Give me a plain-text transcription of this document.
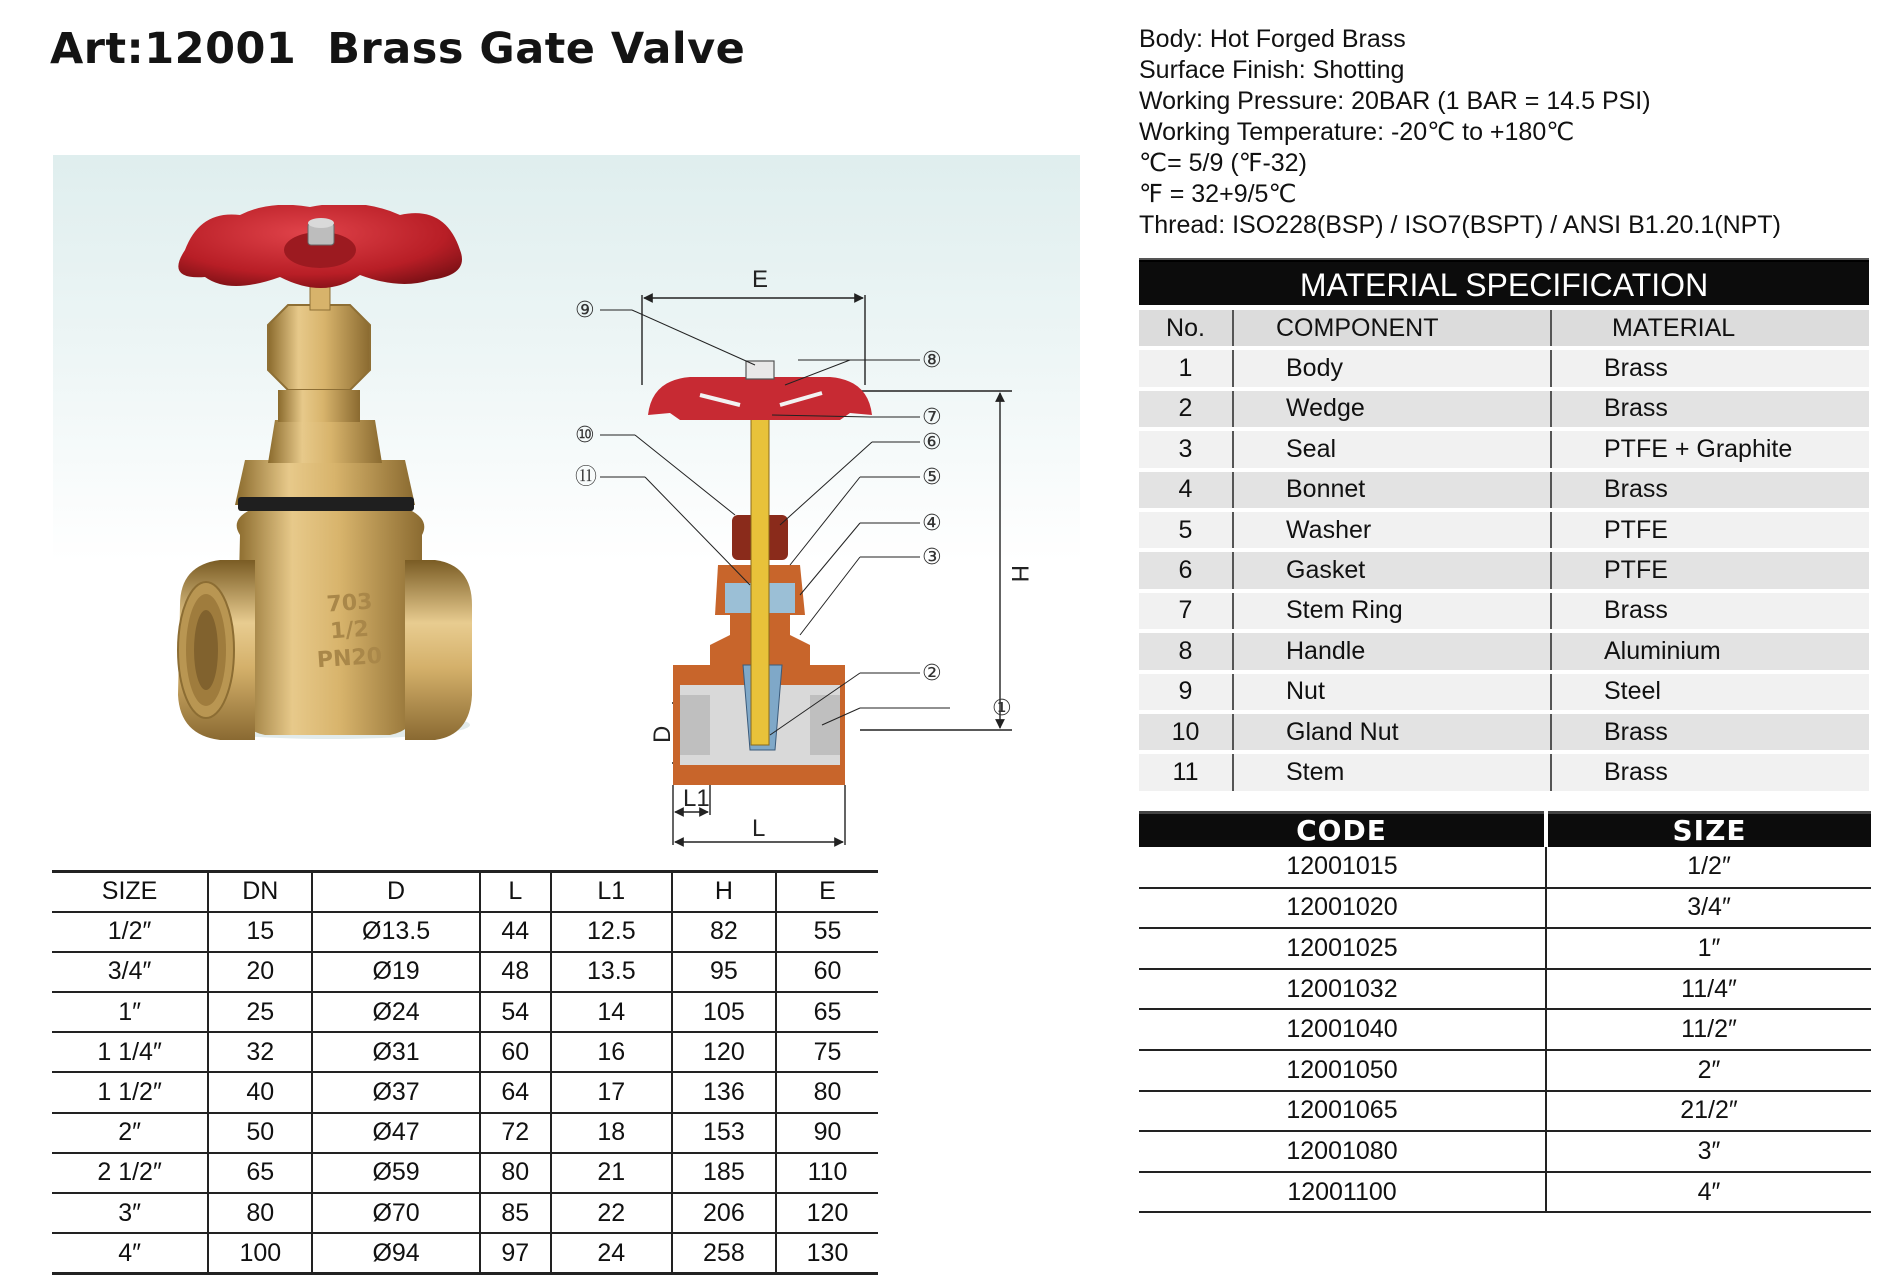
Art:12001  Brass Gate Valve	Body: Hot Forged Brass
Surface Finish: Shotting
Working Pressure: 20BAR (1 BAR = 14.5 PSI)
Working Temperature: -20℃ to +180℃
℃= 5/9 (℉-32)
℉ = 32+9/5℃
Thread: ISO228(BSP) / ISO7(BSPT) / ANSI B1.20.1(NPT)
703
1/2
PN20
①
②
③
④
⑤
⑥
⑦
⑧
⑨
⑩
⑪
E
H
D
L1
L
SIZE	DN	D	L	L1	H	E
1/2″	15	Ø13.5	44	12.5	82	55
3/4″	20	Ø19	48	13.5	95	60
1″	25	Ø24	54	14	105	65
1 1/4″	32	Ø31	60	16	120	75
1 1/2″	40	Ø37	64	17	136	80
2″	50	Ø47	72	18	153	90
2 1/2″	65	Ø59	80	21	185	110
3″	80	Ø70	85	22	206	120
4″	100	Ø94	97	24	258	130
MATERIAL SPECIFICATION
No.	COMPONENT	MATERIAL
1	Body	Brass
2	Wedge	Brass
3	Seal	PTFE + Graphite
4	Bonnet	Brass
5	Washer	PTFE
6	Gasket	PTFE
7	Stem Ring	Brass
8	Handle	Aluminium
9	Nut	Steel
10	Gland Nut	Brass
11	Stem	Brass
CODE	SIZE
12001015	1/2″
12001020	3/4″
12001025	1″
12001032	11/4″
12001040	11/2″
12001050	2″
12001065	21/2″
12001080	3″
12001100	4″
